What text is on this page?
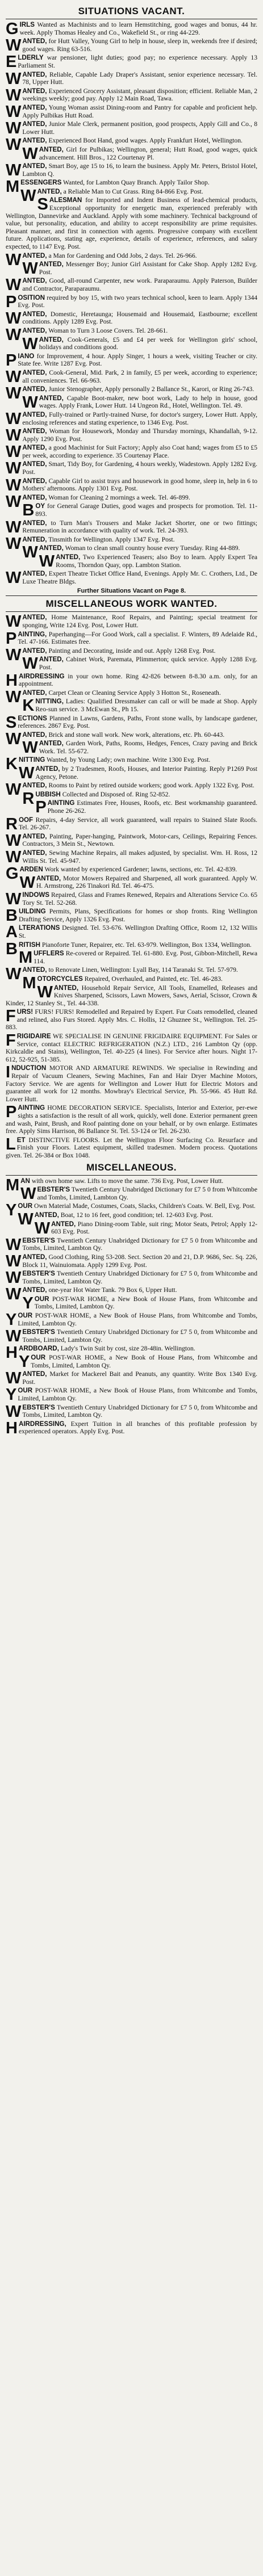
SITUATIONS VACANT.

GIRLS Wanted as Machinists and to learn Hemstitching, good wages and bonus, 44 hr. week. Apply Thomas Healey and Co., Wakefield St., or ring 44-229.

WANTED, for Hutt Valley, Young Girl to help in house, sleep in, weekends free if desired; good wages. Ring 63-516.

ELDERLY war pensioner, light duties; good pay; no experience necessary. Apply 13 Parliament St.

WANTED, Reliable, Capable Lady Draper's Assistant, senior experience necessary. Tel. 78, Upper Hutt.

WANTED, Experienced Grocery Assistant, pleasant disposition; efficient. Reliable Man, 2 weekings weekly; good pay. Apply 12 Main Road, Tawa.

WANTED, Young Woman assist Dining-room and Pantry for capable and proficient help. Apply Pulbikas Hutt Road.

WANTED, Junior Male Clerk, permanent position, good prospects, Apply Gill and Co., 8 Lower Hutt.

WANTED, Experienced Boot Hand, good wages. Apply Frankfurt Hotel, Wellington.

WANTED, Girl for Pulbikas; Wellington, general; Hutt Road, good wages, quick advancement. Hill Bros., 122 Courtenay Pl.

WANTED, Smart Boy, age 15 to 16, to learn the business. Apply Mr. Peters, Bristol Hotel, Lambton Q.

MESSENGERS Wanted, for Lambton Quay Branch. Apply Tailor Shop.

WANTED, a Reliable Man to Cut Grass. Ring 84-866 Evg. Post.

SALESMAN for Imported and Indent Business of lead-chemical products, Exceptional opportunity for energetic man, experienced preferably with Wellington, Dannevirke and Auckland. Apply with some machinery. Technical background of value, but personality, education, and ability to accept responsibility are prime requisites. Pleasant manner, and first in connection with agents. Progressive company with excellent future. Applications, stating age, experience, details of experience, references, and salary expected, to 1147 Evg. Post.

WANTED, a Man for Gardening and Odd Jobs, 2 days. Tel. 26-966.

WANTED, Messenger Boy; Junior Girl Assistant for Cake Shop. Apply 1282 Evg. Post.

WANTED, Good, all-round Carpenter, new work. Paraparaumu. Apply Paterson, Builder and Contractor, Paraparaumu.

POSITION required by boy 15, with two years technical school, keen to learn. Apply 1344 Evg. Post.

WANTED, Domestic, Heretaunga; Housemaid and Housemaid, Eastbourne; excellent conditions. Apply 1289 Evg. Post.

WANTED, Woman to Turn 3 Loose Covers. Tel. 28-661.

WANTED, Cook-Generals, £5 and £4 per week for Wellington girls' school, holidays and conditions good.

PIANO for Improvement, 4 hour. Apply Singer, 1 hours a week, visiting Teacher or city. State fee. Write 1287 Evg. Post.

WANTED, Cook-General, Mid. Park, 2 in family, £5 per week, according to experience; all conveniences. Tel. 66-963.

WANTED, Junior Stenographer, Apply personally 2 Ballance St., Karori, or Ring 26-743.

WANTED, Capable Boot-maker, new boot work, Lady to help in house, good wages. Apply Frank, Lower Hutt. 14 Ungeon Rd., Hotel, Wellington. Tel. 49.

WANTED, Fully-trained or Partly-trained Nurse, for doctor's surgery, Lower Hutt. Apply, enclosing references and stating experience, to 1346 Evg. Post.

WANTED, Woman for Housework, Monday and Thursday mornings, Khandallah, 9-12. Apply 1290 Evg. Post.

WANTED, a good Machinist for Suit Factory; Apply also Coat hand; wages from £5 to £5 per week, according to experience. 35 Courtenay Place.

WANTED, Smart, Tidy Boy, for Gardening, 4 hours weekly, Wadestown. Apply 1282 Evg. Post.

WANTED, Capable Girl to assist trays and housework in good home, sleep in, help in 6 to Mothers' afternoons. Apply 1301 Evg. Post.

WANTED, Woman for Cleaning 2 mornings a week. Tel. 46-899.

BOY for General Garage Duties, good wages and prospects for promotion. Tel. 11-893.

WANTED, to Turn Man's Trousers and Make Jacket Shorter, one or two fittings; Remuneration in accordance with quality of work. Tel. 24-393.

WANTED, Tinsmith for Wellington. Apply 1347 Evg. Post.

WANTED, Woman to clean small country house every Tuesday. Ring 44-889.

WANTED, Two Experienced Teasers; also Boy to learn. Apply Expert Tea Rooms, Thorndon Quay, opp. Lambton Station.

WANTED, Expert Theatre Ticket Office Hand, Evenings. Apply Mr. C. Crothers, Ltd., De Luxe Theatre Bldgs.

Further Situations Vacant on Page 8.
MISCELLANEOUS WORK WANTED.

WANTED, Home Maintenance, Roof Repairs, and Painting; special treatment for sponging, Write 124 Evg. Post, Lower Hutt.

PAINTING, Paperhanging—For Good Work, call a specialist. F. Winters, 89 Adelaide Rd., Tel. 47-166. Estimates free.

WANTED, Painting and Decorating, inside and out. Apply 1268 Evg. Post.

WANTED, Cabinet Work, Paremata, Plimmerton; quick service. Apply 1288 Evg. Post.

HAIRDRESSING in your own home. Ring 42-826 between 8-8.30 a.m. only, for an appointment.

WANTED, Carpet Clean or Cleaning Service Apply 3 Hotton St., Roseneath.

KNITTING, Ladies: Qualified Dressmaker can call or will be made at Shop. Apply Reo-sun service. 3 McEwan St., Ph 15.

SECTIONS Planned in Lawns, Gardens, Paths, Front stone walls, by landscape gardener, references. 2867 Evg. Post.

WANTED, Brick and stone wall work. New work, alterations, etc. Ph. 60-443.

WANTED, Garden Work, Paths, Rooms, Hedges, Fences, Crazy paving and Brick Work. Tel. 55-672.

KNITTING Wanted, by Young Lady; own machine. Write 1300 Evg. Post.

WANTED, by 2 Tradesmen, Roofs, Houses, and Interior Painting. Reply P1269 Post Agency, Petone.

WANTED, Rooms to Paint by retired outside workers; good work. Apply 1322 Evg. Post.

RUBBISH Collected and Disposed of. Ring 52-852.

PAINTING Estimates Free, Houses, Roofs, etc. Best workmanship guaranteed. Phone 26-262.

ROOF Repairs, 4-day Service, all work guaranteed, wall repairs to Stained Slate Roofs. Tel. 26-267.

WANTED, Painting, Paper-hanging, Paintwork, Motor-cars, Ceilings, Repairing Fences. Contractors, 3 Mein St., Newtown.

WANTED, Sewing Machine Repairs, all makes adjusted, by specialist. Wm. H. Ross, 12 Willis St. Tel. 45-947.

GARDEN Work wanted by experienced Gardener; lawns, sections, etc. Tel. 42-839.

WANTED, Motor Mowers Repaired and Sharpened, all work guaranteed. Apply W. H. Armstrong, 226 Tinakori Rd. Tel. 46-475.

WINDOWS Repaired, Glass and Frames Renewed, Repairs and Alterations Service Co. 65 Tory St. Tel. 52-268.

BUILDING Permits, Plans, Specifications for homes or shop fronts. Ring Wellington Drafting Service, Apply 1326 Evg. Post.

ALTERATIONS Designed. Tel. 53-676. Wellington Drafting Office, Room 12, 132 Willis St.

BRITISH Pianoforte Tuner, Repairer, etc. Tel. 63-979. Wellington, Box 1334, Wellington.

MUFFLERS Re-covered or Repaired. Tel. 61-880. Evg. Post, Gibbon-Mitchell, Rewa 114.

WANTED, to Renovate Linen, Wellington: Lyall Bay, 114 Taranaki St. Tel. 57-979.

MOTORCYCLES Repaired, Overhauled, and Painted, etc. Tel. 46-283.

WANTED, Household Repair Service, All Tools, Enamelled, Releases and Knives Sharpened, Scissors, Lawn Mowers, Saws, Aerial, Scissor, Crown & Kinder, 12 Stanley St., Tel. 44-338.

FURS! FURS! FURS! Remodelled and Repaired by Expert. Fur Coats remodelled, cleaned and relined, also Furs Stored. Apply Mrs. C. Hollis, 12 Ghuznee St., Wellington. Tel. 25-883.

FRIGIDAIRE WE SPECIALISE IN GENUINE FRIGIDAIRE EQUIPMENT. For Sales or Service, contact ELECTRIC REFRIGERATION (N.Z.) LTD., 216 Lambton Qy (opp. Kirkcaldie and Stains), Wellington, Tel. 40-225 (4 lines). For Service after hours. Night 17-612, 52-925, 51-385.

INDUCTION MOTOR AND ARMATURE REWINDS. We specialise in Rewinding and Repair of Vacuum Cleaners, Sewing Machines, Fan and Hair Dryer Machine Motors, Factory Service. We are agents for Wellington and Lower Hutt for Electric Motors and guarantee all work for 12 months. Mowbray's Electrical Service, Ph. 55-966. 45 Hutt Rd. Lower Hutt.

PAINTING HOME DECORATION SERVICE. Specialists, Interior and Exterior, per-ewe sights a satisfaction is the result of all work, quickly, well done. Exterior permanent green and wash, Paint, Brush, and Roof painting done on your behalf, or by own enlarge. Estimates free. Apply Sims Harrison, 86 Ballance St. Tel. 53-124 or Tel. 26-230.

LET DISTINCTIVE FLOORS. Let the Wellington Floor Surfacing Co. Resurface and Finish your Floors. Latest equipment, skilled tradesmen. Modern process. Quotations given. Tel. 26-384 or Box 1048.

MISCELLANEOUS.

MAN with own home saw. Lifts to move the same. 736 Evg. Post, Lower Hutt.

WEBSTER'S Twentieth Century Unabridged Dictionary for £7 5 0 from Whitcombe and Tombs, Limited, Lambton Qy.

YOUR Own Material Made, Costumes, Coats, Slacks, Children's Coats. W. Bell, Evg. Post.

WANTED, Boat, 12 to 16 feet, good condition; tel. 12-603 Evg. Post.

WANTED, Piano Dining-room Table, suit ring; Motor Seats, Petrol; Apply 12-603 Evg. Post.

WEBSTER'S Twentieth Century Unabridged Dictionary for £7 5 0 from Whitcombe and Tombs, Limited, Lambton Qy.

WANTED, Good Clothing, Ring 53-208. Sect. Section 20 and 21, D.P. 9686, Sec. Sq. 226, Block 11, Wainuiomata. Apply 1299 Evg. Post.

WEBSTER'S Twentieth Century Unabridged Dictionary for £7 5 0, from Whitcombe and Tombs, Limited, Lambton Qy.

WANTED, one-year Hot Water Tank. 79 Box 6, Upper Hutt.

YOUR POST-WAR HOME, a New Book of House Plans, from Whitcombe and Tombs, Limited, Lambton Qy.

YOUR POST-WAR HOME, a New Book of House Plans, from Whitcombe and Tombs, Limited, Lambton Qy.

WEBSTER'S Twentieth Century Unabridged Dictionary for £7 5 0, from Whitcombe and Tombs, Limited, Lambton Qy.

HARDBOARD, Lady's Twin Suit by cost, size 28-48in. Wellington.

YOUR POST-WAR HOME, a New Book of House Plans, from Whitcombe and Tombs, Limited, Lambton Qy.

WANTED, Market for Mackerel Bait and Peanuts, any quantity. Write Box 1340 Evg. Post.

YOUR POST-WAR HOME, a New Book of House Plans, from Whitcombe and Tombs, Limited, Lambton Qy.

WEBSTER'S Twentieth Century Unabridged Dictionary for £7 5 0, from Whitcombe and Tombs, Limited, Lambton Qy.

HAIRDRESSING, Expert Tuition in all branches of this profitable profession by experienced operators. Apply Evg. Post.
